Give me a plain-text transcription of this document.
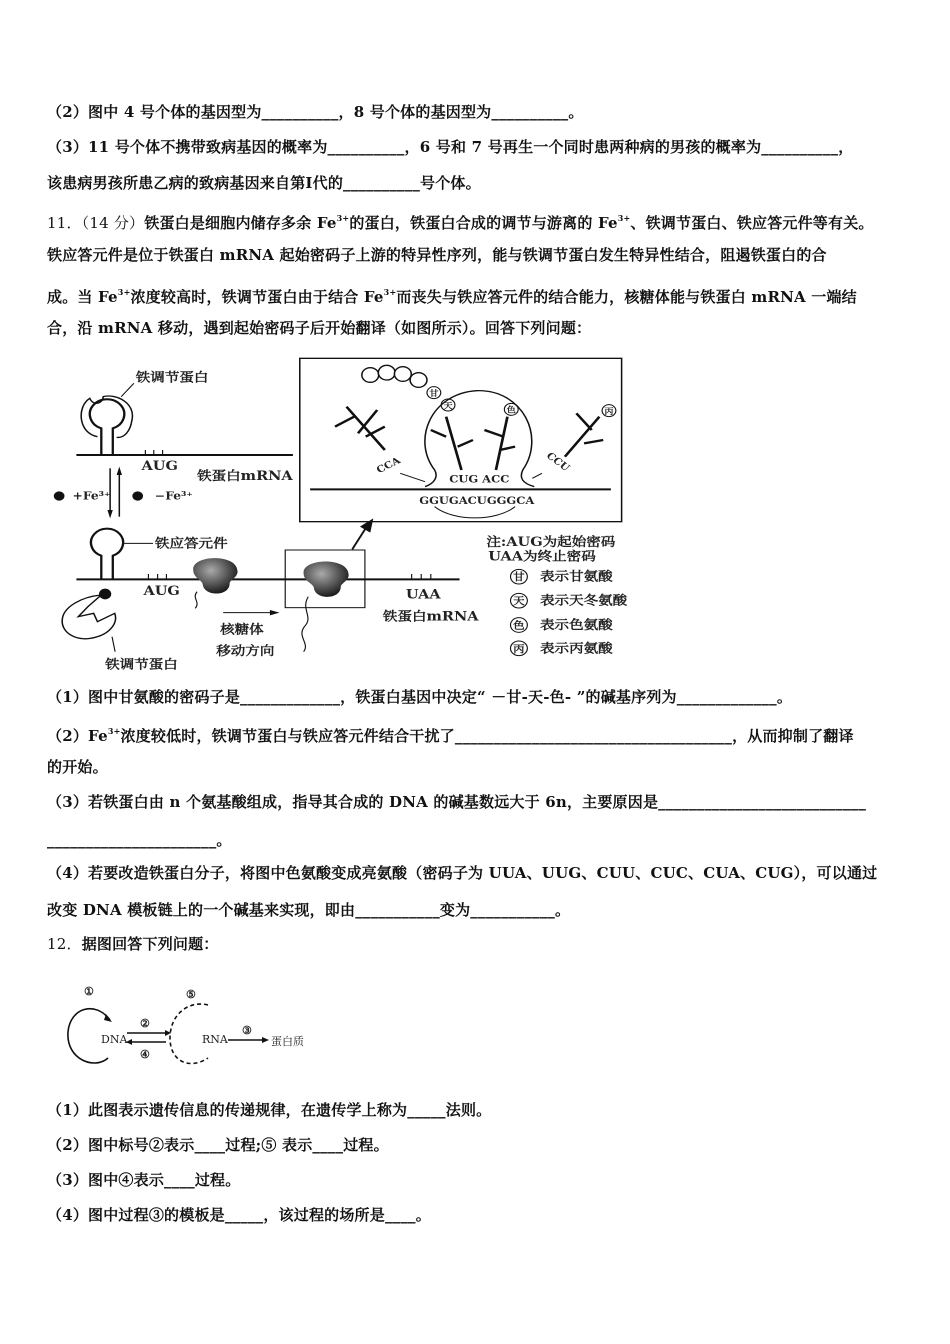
（2）图中 4 号个体的基因型为__________，8 号个体的基因型为__________。
（3）11 号个体不携带致病基因的概率为__________，6 号和 7 号再生一个同时患两种病的男孩的概率为__________，
该患病男孩所患乙病的致病基因来自第Ⅰ代的__________号个体。
11．（14 分）铁蛋白是细胞内储存多余 $Fe^{3+}$的蛋白，铁蛋白合成的调节与游离的 $Fe^{3+}$、铁调节蛋白、铁应答元件等有关。
铁应答元件是位于铁蛋白 mRNA 起始密码子上游的特异性序列，能与铁调节蛋白发生特异性结合，阻遏铁蛋白的合
成。当 $Fe^{3+}$浓度较高时，铁调节蛋白由于结合 $Fe^{3+}$而丧失与铁应答元件的结合能力，核糖体能与铁蛋白 mRNA 一端结
合，沿 mRNA 移动，遇到起始密码子后开始翻译（如图所示）。回答下列问题：
（1）图中甘氨酸的密码子是_____________，铁蛋白基因中决定“ －甘-天-色- ”的碱基序列为_____________。
$(2)Fe^{3+}$浓度较低时，铁调节蛋白与铁应答元件结合干扰了____________________________________，从而抑制了翻译
的开始。
（3）若铁蛋白由 n 个氨基酸组成，指导其合成的 DNA 的碱基数远大于 6n，主要原因是___________________________
______________________。
（4）若要改造铁蛋白分子，将图中色氨酸变成亮氨酸（密码子为 UUA、UUG、CUU、CUC、CUA、CUG），可以通过
改变 DNA 模板链上的一个碱基来实现，即由___________变为___________。
12．据图回答下列问题：
（1）此图表示遗传信息的传递规律，在遗传学上称为_____法则。
（2）图中标号②表示____过程;⑤ 表示____过程。
（3）图中④表示____过程。
（4）图中过程③的模板是_____，该过程的场所是____。
铁调节蛋白
AUG
铁蛋白mRNA
+Fe³⁺ −Fe³⁺
铁应答元件
AUG	UAA
铁蛋白mRNA
核糖体
移动方向
铁调节蛋白
GGUGACUGGGCA
CCA
CUG ACC
CCU
甘
天 色	丙
注:AUG为起始密码
UAA为终止密码
甘 表示甘氨酸
天 表示天冬氨酸
色 表示色氨酸
丙 表示丙氨酸
①
②
④
⑤
③
DNA	RNA	蛋白质
